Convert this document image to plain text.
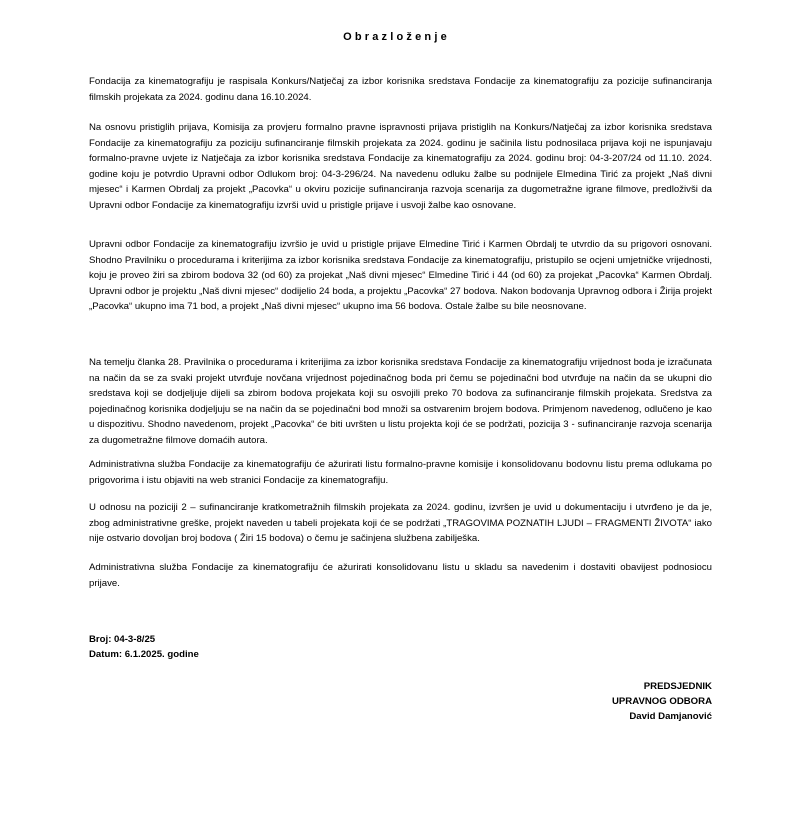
Obrazloženje

Fondacija za kinematografiju je raspisala Konkurs/Natječaj za izbor korisnika sredstava Fondacije za kinematografiju za pozicije sufinanciranja filmskih projekata za 2024. godinu dana 16.10.2024.

Na osnovu pristiglih prijava, Komisija za provjeru formalno pravne ispravnosti prijava pristiglih na Konkurs/Natječaj za izbor korisnika sredstava Fondacije za kinematografiju za poziciju sufinanciranje filmskih projekata za 2024. godinu je sačinila listu podnosilaca prijava koji ne ispunjavaju formalno-pravne uvjete iz Natječaja za izbor korisnika sredstava Fondacije za kinematografiju za 2024. godinu broj: 04-3-207/24 od 11.10. 2024. godine koju je potvrdio Upravni odbor Odlukom broj: 04-3-296/24. Na navedenu odluku žalbe su podnijele Elmedina Tirić za projekt „Naš divni mjesec“ i Karmen Obrdalj za projekt „Pacovka“ u okviru pozicije sufinanciranja razvoja scenarija za dugometražne igrane filmove, predloživši da Upravni odbor Fondacije za kinematografiju izvrši uvid u pristigle prijave i usvoji žalbe kao osnovane.

Upravni odbor Fondacije za kinematografiju izvršio je uvid u pristigle prijave Elmedine Tirić i Karmen Obrdalj te utvrdio da su prigovori osnovani. Shodno Pravilniku o procedurama i kriterijima za izbor korisnika sredstava Fondacije za kinematografiju, pristupilo se ocjeni umjetničke vrijednosti, koju je proveo žiri sa zbirom bodova 32 (od 60) za projekat „Naš divni mjesec“ Elmedine Tirić i 44 (od 60) za projekat „Pacovka“ Karmen Obrdalj. Upravni odbor je projektu „Naš divni mjesec“ dodijelio 24 boda, a projektu „Pacovka“ 27 bodova. Nakon bodovanja Upravnog odbora i Žirija projekt „Pacovka“ ukupno ima 71 bod, a projekt „Naš divni mjesec“ ukupno ima 56 bodova. Ostale žalbe su bile neosnovane.

Na temelju članka 28. Pravilnika o procedurama i kriterijima za izbor korisnika sredstava Fondacije za kinematografiju vrijednost boda je izračunata na način da se za svaki projekt utvrđuje novčana vrijednost pojedinačnog boda pri čemu se pojedinačni bod utvrđuje na način da se ukupni dio sredstava koji se dodjeljuje dijeli sa zbirom bodova projekata koji su osvojili preko 70 bodova za sufinanciranje filmskih projekata. Sredstva za pojedinačnog korisnika dodjeljuju se na način da se pojedinačni bod množi sa ostvarenim brojem bodova. Primjenom navedenog, odlučeno je kao u dispozitivu. Shodno navedenom, projekt „Pacovka“ će biti uvršten u listu projekta koji će se podržati, pozicija 3 - sufinanciranje razvoja scenarija za dugometražne filmove domaćih autora.

Administrativna služba Fondacije za kinematografiju će ažurirati listu formalno-pravne komisije i konsolidovanu bodovnu listu prema odlukama po prigovorima i istu objaviti na web stranici Fondacije za kinematografiju.

U odnosu na poziciji 2 – sufinanciranje kratkometražnih filmskih projekata za 2024. godinu, izvršen je uvid u dokumentaciju i utvrđeno je da je, zbog administrativne greške, projekt naveden u tabeli projekata koji će se podržati „TRAGOVIMA POZNATIH LJUDI – FRAGMENTI ŽIVOTA“ iako nije ostvario dovoljan broj bodova ( Žiri 15 bodova) o čemu je sačinjena službena zabilješka.

Administrativna služba Fondacije za kinematografiju će ažurirati konsolidovanu listu u skladu sa navedenim i dostaviti obavijest podnosiocu prijave.

Broj: 04-3-8/25
Datum: 6.1.2025. godine
PREDSJEDNIK
UPRAVNOG ODBORA
David Damjanović
